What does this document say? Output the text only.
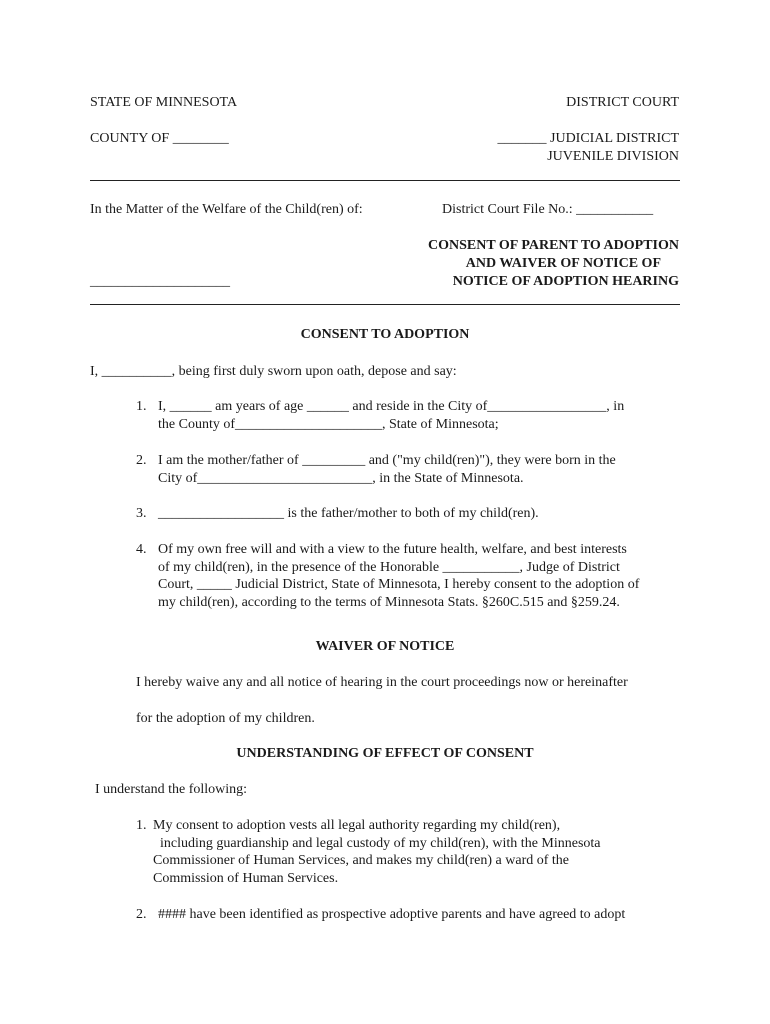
STATE OF MINNESOTA	DISTRICT COURT
COUNTY OF ________	_______ JUDICIAL DISTRICT
JUVENILE DIVISION
In the Matter of the Welfare of the Child(ren) of:	District Court File No.: ___________
CONSENT OF PARENT TO ADOPTION
AND WAIVER OF NOTICE OF
NOTICE OF ADOPTION HEARING
____________________
CONSENT TO ADOPTION
I, __________, being first duly sworn upon oath, depose and say:
1. I, ______ am years of age ______ and reside in the City of_________________, in
the County of_____________________, State of Minnesota;
2. I am the mother/father of _________ and ("my child(ren)"), they were born in the
City of_________________________, in the State of Minnesota.
3. __________________ is the father/mother to both of my child(ren).
4. Of my own free will and with a view to the future health, welfare, and best interests
of my child(ren), in the presence of the Honorable ___________, Judge of District
Court, _____ Judicial District, State of Minnesota, I hereby consent to the adoption of
my child(ren), according to the terms of Minnesota Stats. §260C.515 and §259.24.
WAIVER OF NOTICE
I hereby waive any and all notice of hearing in the court proceedings now or hereinafter
for the adoption of my children.
UNDERSTANDING OF EFFECT OF CONSENT
I understand the following:
1. My consent to adoption vests all legal authority regarding my child(ren),
including guardianship and legal custody of my child(ren), with the Minnesota
Commissioner of Human Services, and makes my child(ren) a ward of the
Commission of Human Services.
2. #### have been identified as prospective adoptive parents and have agreed to adopt
